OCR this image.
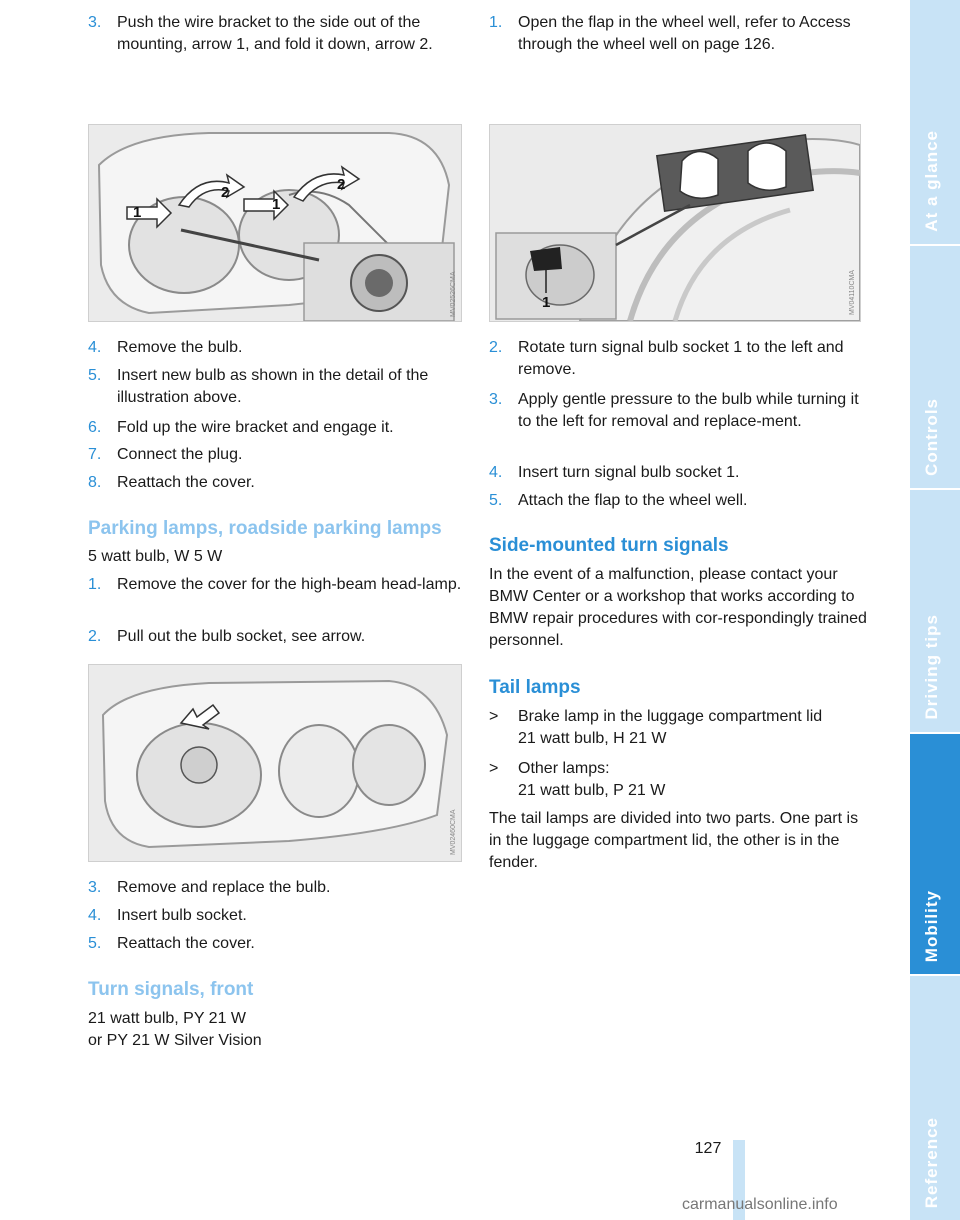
3. Push the wire bracket to the side out of the mounting, arrow 1, and fold it down, arrow 2.
1
2
1
2
MV02526CMA
4. Remove the bulb.
5. Insert new bulb as shown in the detail of the illustration above.
6. Fold up the wire bracket and engage it.
7. Connect the plug.
8. Reattach the cover.
Parking lamps, roadside parking lamps
5 watt bulb, W 5 W
1. Remove the cover for the high-beam head-lamp.
2. Pull out the bulb socket, see arrow.
MV02460CMA
3. Remove and replace the bulb.
4. Insert bulb socket.
5. Reattach the cover.
Turn signals, front
21 watt bulb, PY 21 W
or PY 21 W Silver Vision
1. Open the flap in the wheel well, refer to Access through the wheel well on page 126.
1	MV04110CMA
2. Rotate turn signal bulb socket 1 to the left and remove.
3. Apply gentle pressure to the bulb while turning it to the left for removal and replace-ment.
4. Insert turn signal bulb socket 1.
5. Attach the flap to the wheel well.
Side-mounted turn signals
In the event of a malfunction, please contact your BMW Center or a workshop that works according to BMW repair procedures with cor-respondingly trained personnel.
Tail lamps
> Brake lamp in the luggage compartment lid
21 watt bulb, H 21 W
> Other lamps:
21 watt bulb, P 21 W
The tail lamps are divided into two parts. One part is in the luggage compartment lid, the other is in the fender.
127
At a glance
Controls
Driving tips
Mobility
Reference
carmanualsonline.info
